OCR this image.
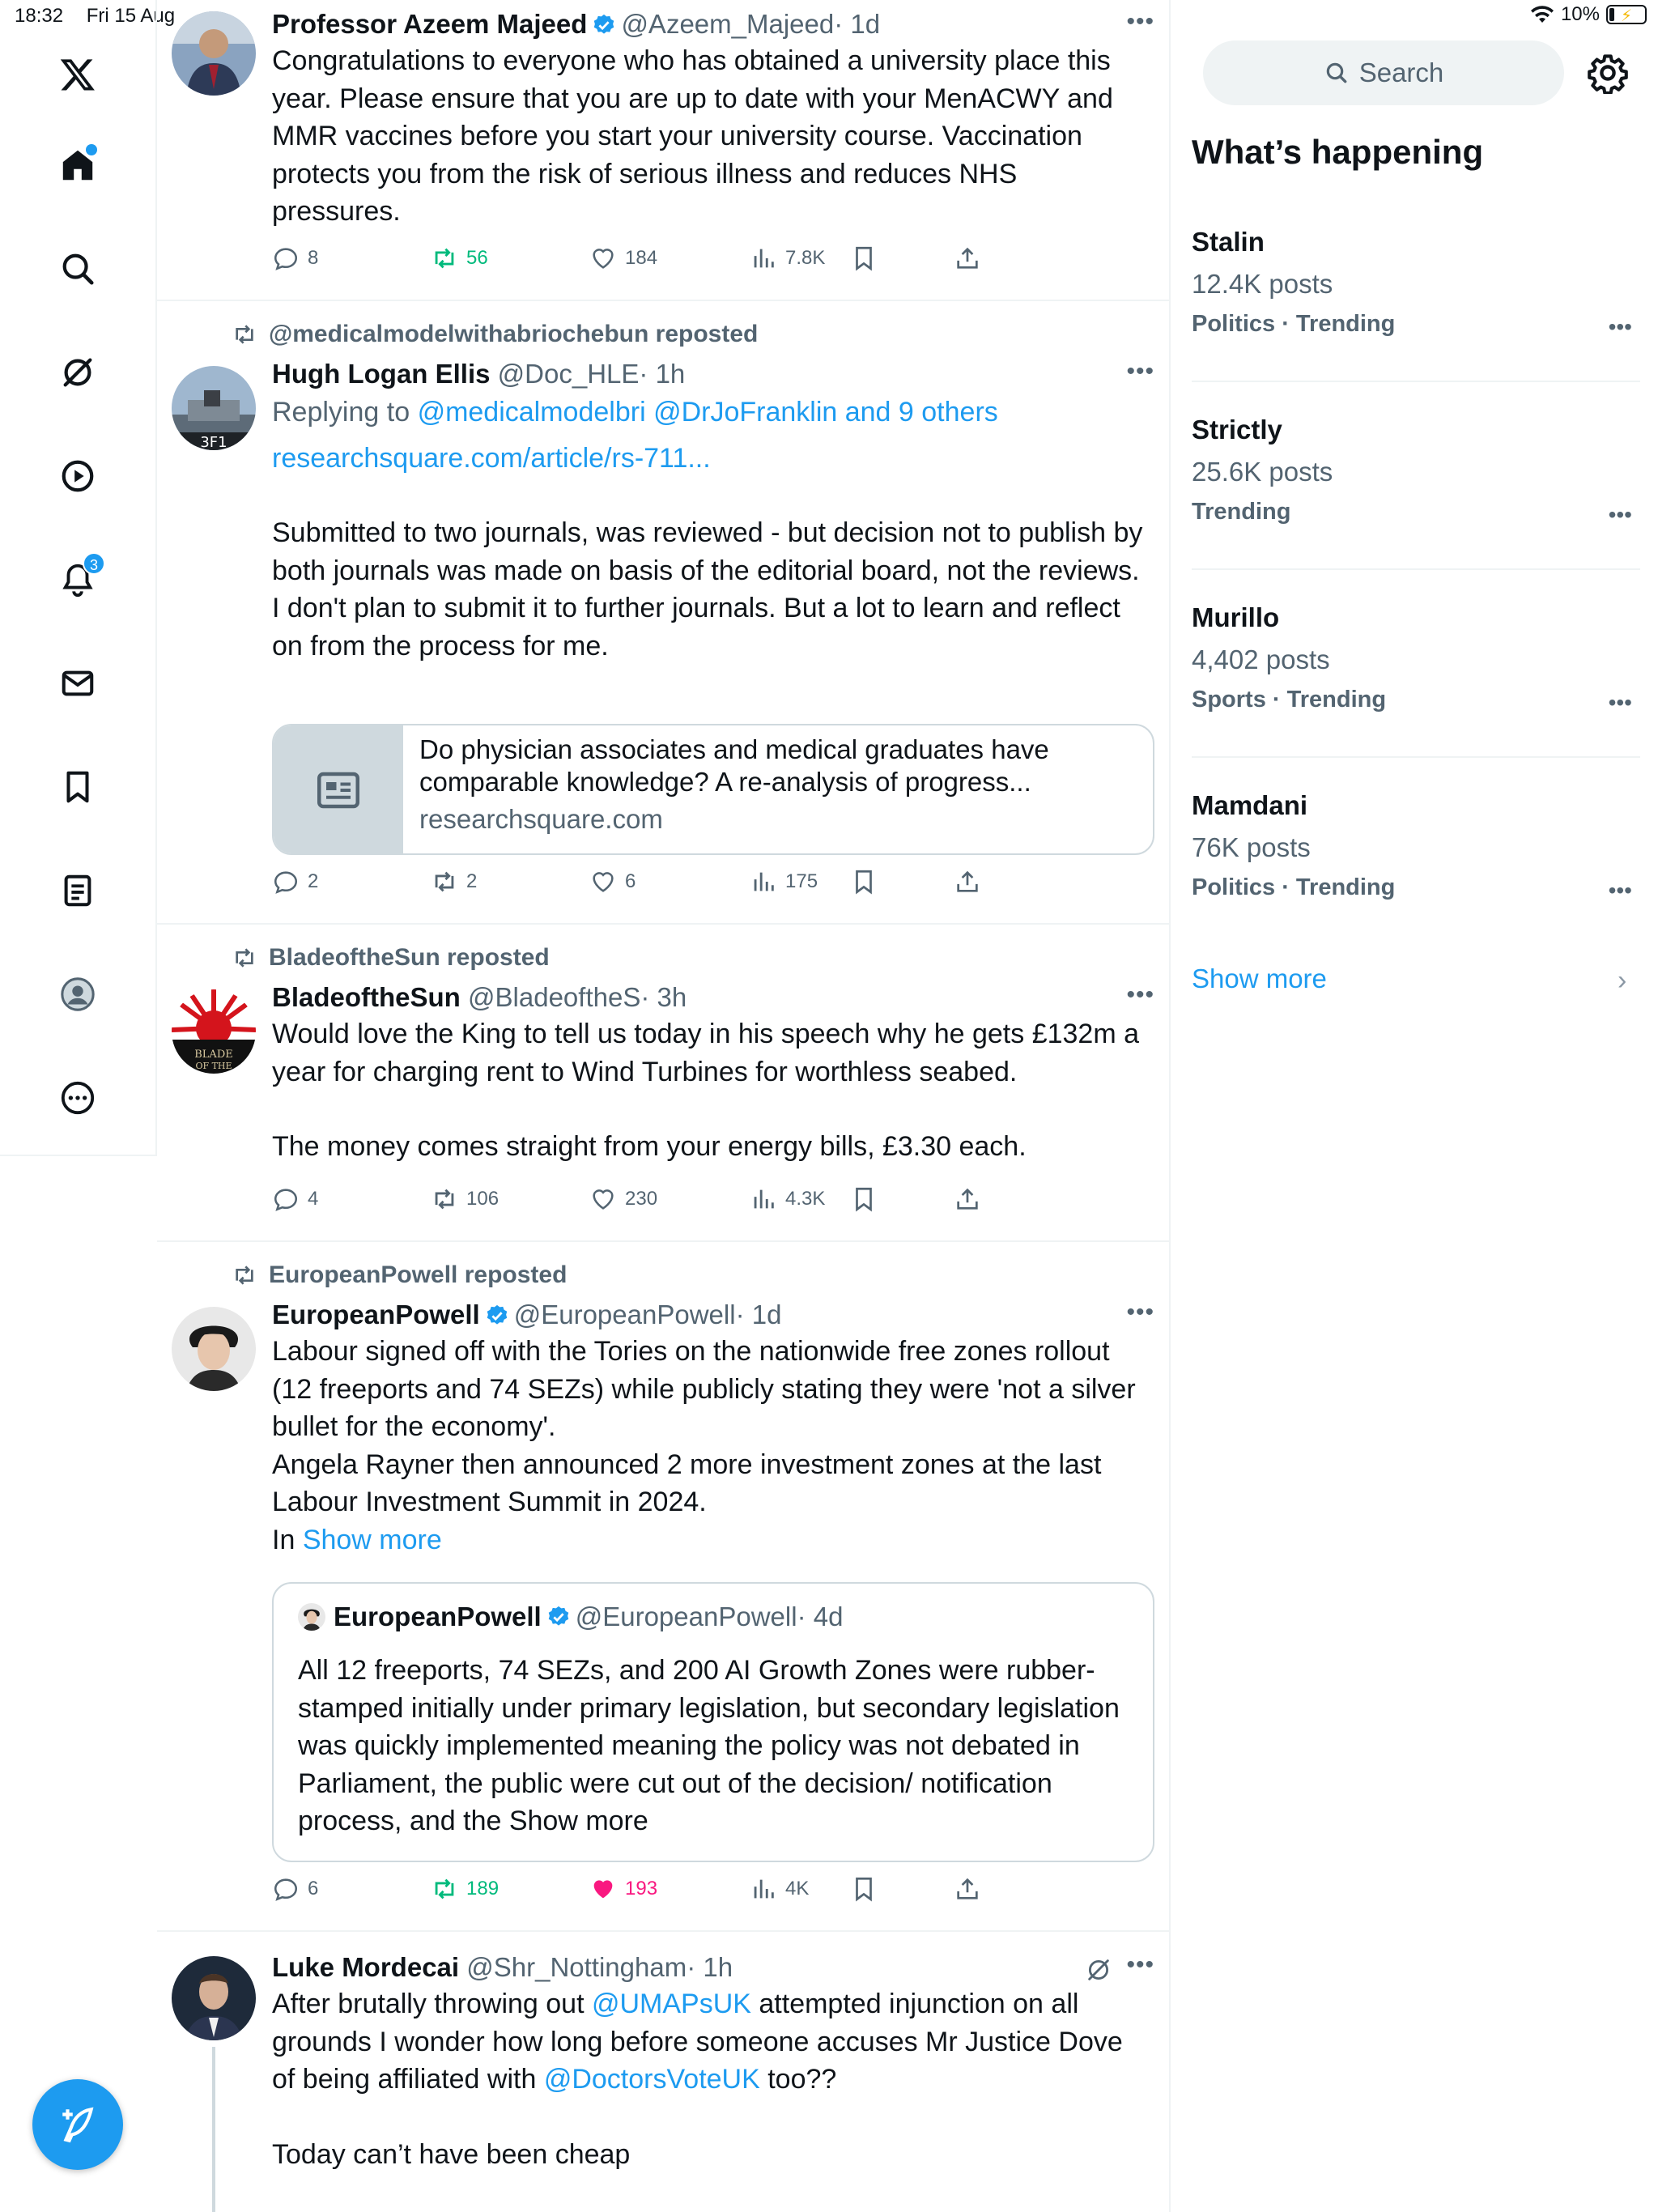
18:32 Fri 15 Aug	10% ⚡
3
Professor Azeem Majeed @Azeem_Majeed· 1d
Congratulations to everyone who has obtained a university place this year. Please ensure that you are up to date with your MenACWY and MMR vaccines before you start your university course. Vaccination protects you from the risk of serious illness and reduces NHS pressures.
•••
8	56	184	7.8K
@medicalmodelwithabriochebun reposted
3F1
Hugh Logan Ellis @Doc_HLE· 1h
Replying to @medicalmodelbri @DrJoFranklin and 9 others
researchsquare.com/article/rs-711...
Submitted to two journals, was reviewed - but decision not to publish by both journals was made on basis of the editorial board, not the reviews.
I don't plan to submit it to further journals. But a lot to learn and reflect on from the process for me.
•••
Do physician associates and medical graduates have comparable knowledge? A re-analysis of progress...
researchsquare.com
2	2	6	175
BladeoftheSun reposted
BLADE
OF THE
BladeoftheSun @BladeoftheS· 3h
Would love the King to tell us today in his speech why he gets £132m a year for charging rent to Wind Turbines for worthless seabed.
The money comes straight from your energy bills, £3.30 each.
•••
4	106	230	4.3K
EuropeanPowell reposted
EuropeanPowell @EuropeanPowell· 1d
Labour signed off with the Tories on the nationwide free zones rollout (12 freeports and 74 SEZs) while publicly stating they were 'not a silver bullet for the economy'.
Angela Rayner then announced 2 more investment zones at the last Labour Investment Summit in 2024.
In Show more
•••
EuropeanPowell @EuropeanPowell · 4d
All 12 freeports, 74 SEZs, and 200 AI Growth Zones were rubber-stamped initially under primary legislation, but secondary legislation was quickly implemented meaning the policy was not debated in Parliament, the public were cut out of the decision/ notification process, and the Show more
6	189	193	4K
Luke Mordecai @Shr_Nottingham· 1h
After brutally throwing out @UMAPsUK attempted injunction on all grounds I wonder how long before someone accuses Mr Justice Dove of being affiliated with @DoctorsVoteUK too??
Today can’t have been cheap
•••
Search
What’s happening
Stalin
12.4K posts
Politics · Trending	•••
Strictly
25.6K posts
Trending	•••
Murillo
4,402 posts
Sports · Trending	•••
Mamdani
76K posts
Politics · Trending	•••
Show more	›
